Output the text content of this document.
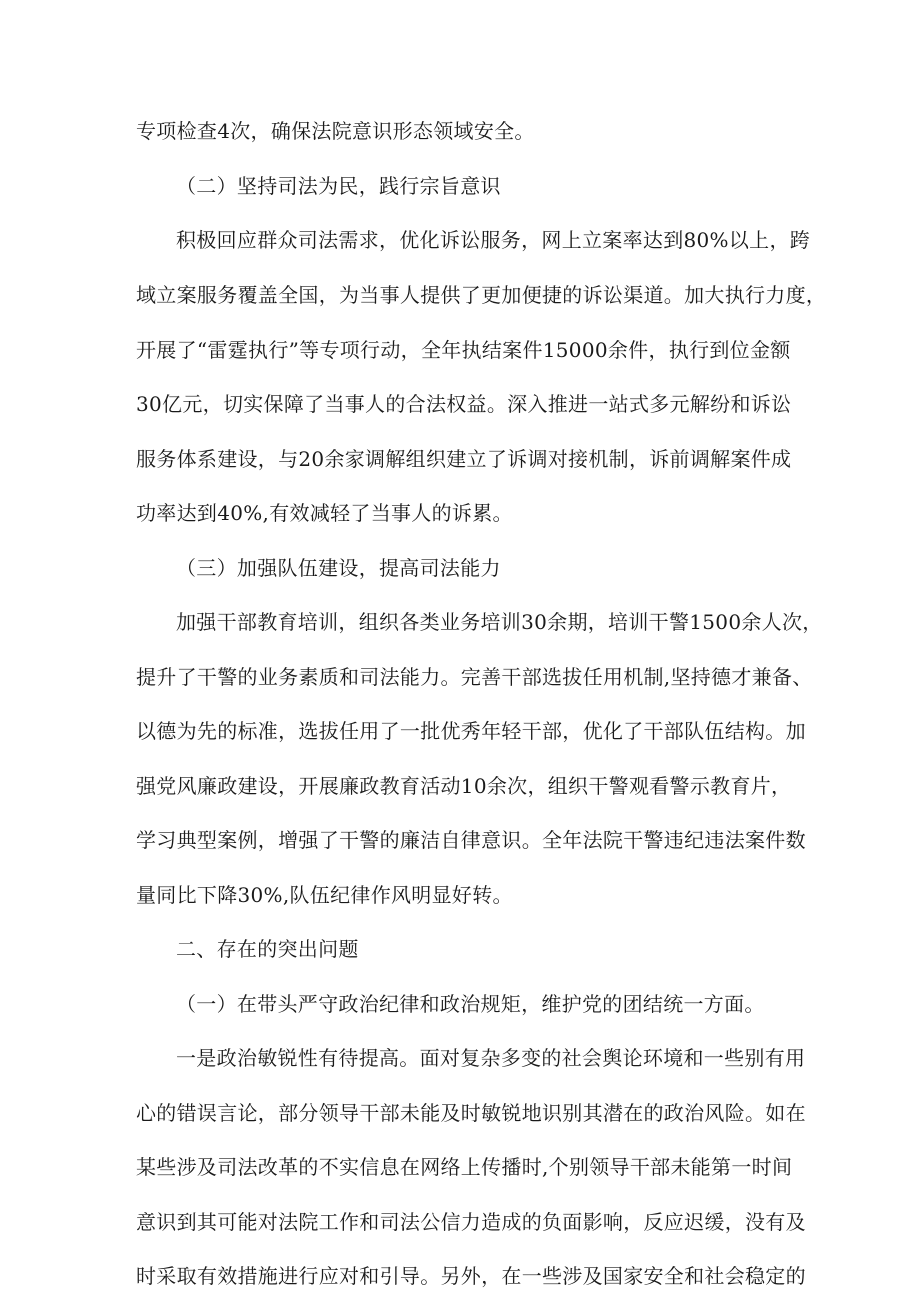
专项检查4次，确保法院意识形态领域安全。
（二）坚持司法为民，践行宗旨意识
积极回应群众司法需求，优化诉讼服务，网上立案率达到80%以上，跨
域立案服务覆盖全国，为当事人提供了更加便捷的诉讼渠道。加大执行力度，
开展了“雷霆执行”等专项行动，全年执结案件15000余件，执行到位金额
30亿元，切实保障了当事人的合法权益。深入推进一站式多元解纷和诉讼
服务体系建设，与20余家调解组织建立了诉调对接机制，诉前调解案件成
功率达到40%,有效减轻了当事人的诉累。
（三）加强队伍建设，提高司法能力
加强干部教育培训，组织各类业务培训30余期，培训干警1500余人次，
提升了干警的业务素质和司法能力。完善干部选拔任用机制,坚持德才兼备、
以德为先的标准，选拔任用了一批优秀年轻干部，优化了干部队伍结构。加
强党风廉政建设，开展廉政教育活动10余次，组织干警观看警示教育片，
学习典型案例，增强了干警的廉洁自律意识。全年法院干警违纪违法案件数
量同比下降30%,队伍纪律作风明显好转。
二、存在的突出问题
（一）在带头严守政治纪律和政治规矩，维护党的团结统一方面。
一是政治敏锐性有待提高。面对复杂多变的社会舆论环境和一些别有用
心的错误言论，部分领导干部未能及时敏锐地识别其潜在的政治风险。如在
某些涉及司法改革的不实信息在网络上传播时,个别领导干部未能第一时间
意识到其可能对法院工作和司法公信力造成的负面影响，反应迟缓，没有及
时采取有效措施进行应对和引导。另外，在一些涉及国家安全和社会稳定的
